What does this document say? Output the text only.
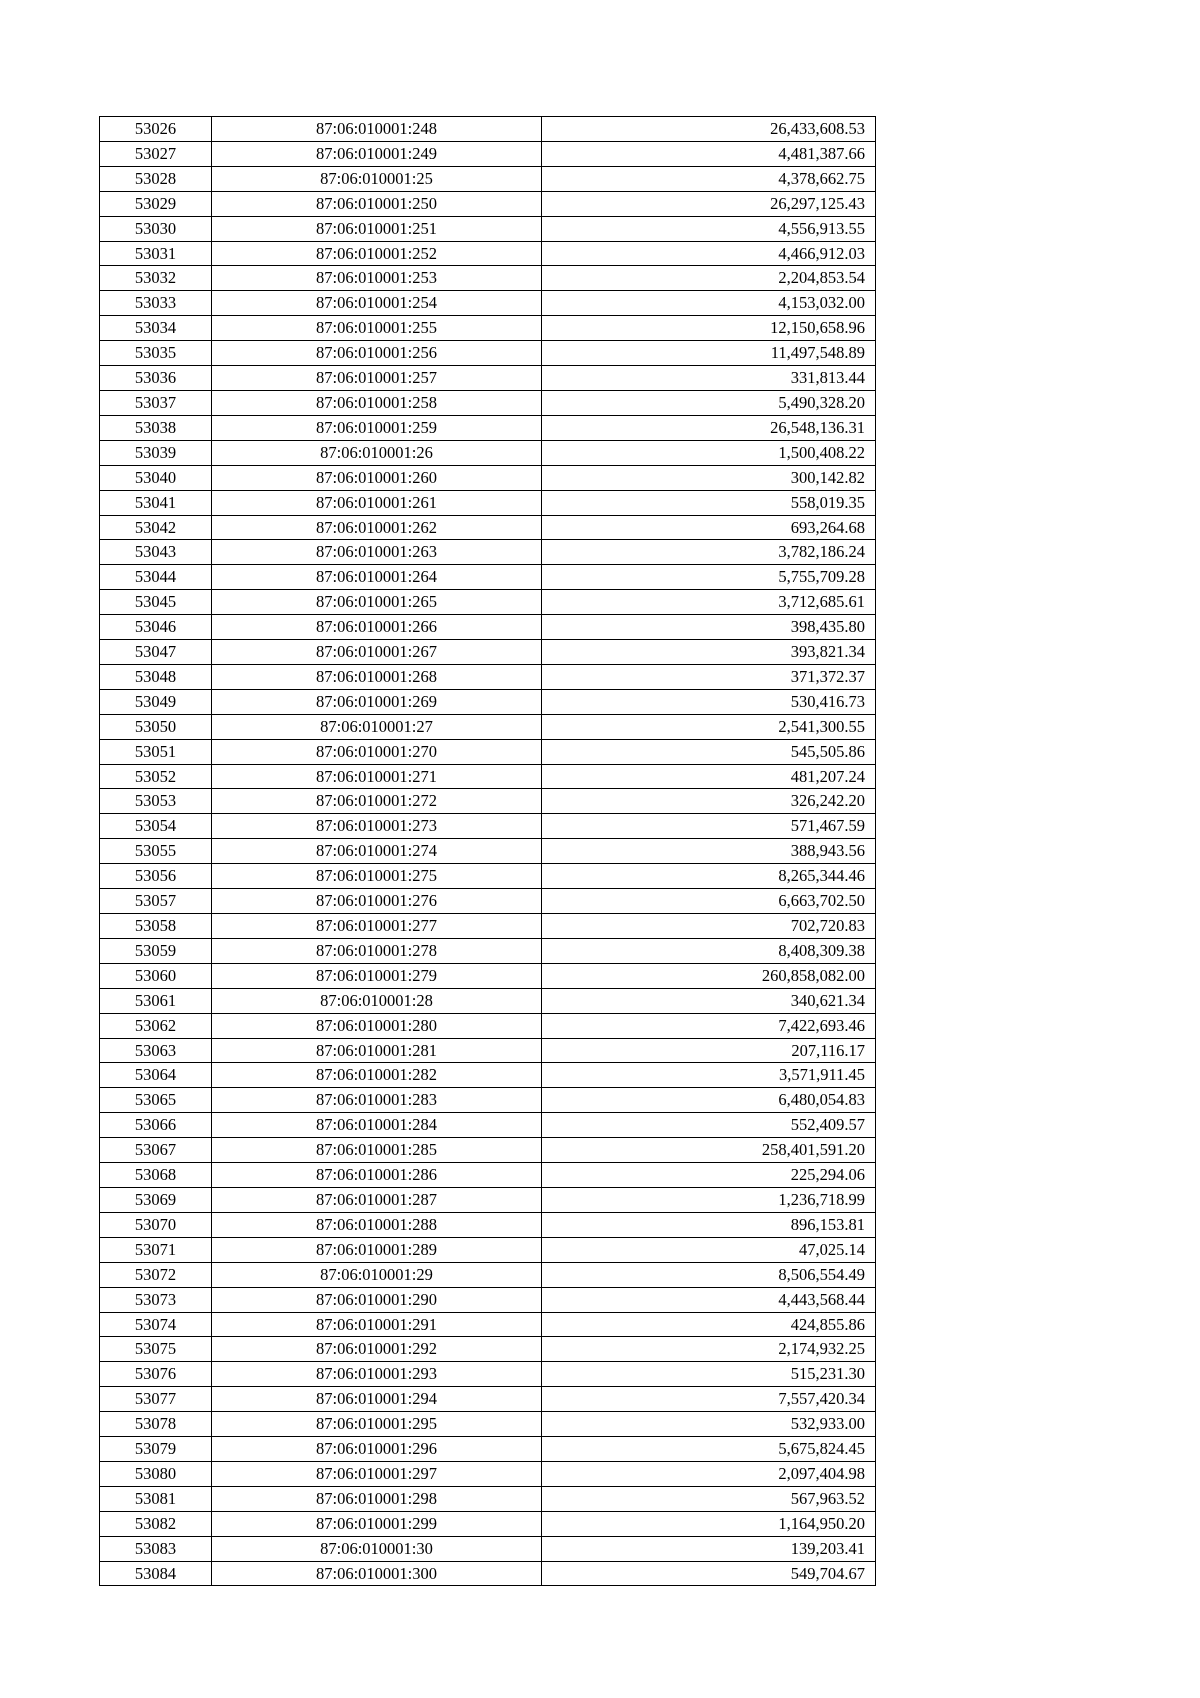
53026	87:06:010001:248	26,433,608.53
53027	87:06:010001:249	4,481,387.66
53028	87:06:010001:25	4,378,662.75
53029	87:06:010001:250	26,297,125.43
53030	87:06:010001:251	4,556,913.55
53031	87:06:010001:252	4,466,912.03
53032	87:06:010001:253	2,204,853.54
53033	87:06:010001:254	4,153,032.00
53034	87:06:010001:255	12,150,658.96
53035	87:06:010001:256	11,497,548.89
53036	87:06:010001:257	331,813.44
53037	87:06:010001:258	5,490,328.20
53038	87:06:010001:259	26,548,136.31
53039	87:06:010001:26	1,500,408.22
53040	87:06:010001:260	300,142.82
53041	87:06:010001:261	558,019.35
53042	87:06:010001:262	693,264.68
53043	87:06:010001:263	3,782,186.24
53044	87:06:010001:264	5,755,709.28
53045	87:06:010001:265	3,712,685.61
53046	87:06:010001:266	398,435.80
53047	87:06:010001:267	393,821.34
53048	87:06:010001:268	371,372.37
53049	87:06:010001:269	530,416.73
53050	87:06:010001:27	2,541,300.55
53051	87:06:010001:270	545,505.86
53052	87:06:010001:271	481,207.24
53053	87:06:010001:272	326,242.20
53054	87:06:010001:273	571,467.59
53055	87:06:010001:274	388,943.56
53056	87:06:010001:275	8,265,344.46
53057	87:06:010001:276	6,663,702.50
53058	87:06:010001:277	702,720.83
53059	87:06:010001:278	8,408,309.38
53060	87:06:010001:279	260,858,082.00
53061	87:06:010001:28	340,621.34
53062	87:06:010001:280	7,422,693.46
53063	87:06:010001:281	207,116.17
53064	87:06:010001:282	3,571,911.45
53065	87:06:010001:283	6,480,054.83
53066	87:06:010001:284	552,409.57
53067	87:06:010001:285	258,401,591.20
53068	87:06:010001:286	225,294.06
53069	87:06:010001:287	1,236,718.99
53070	87:06:010001:288	896,153.81
53071	87:06:010001:289	47,025.14
53072	87:06:010001:29	8,506,554.49
53073	87:06:010001:290	4,443,568.44
53074	87:06:010001:291	424,855.86
53075	87:06:010001:292	2,174,932.25
53076	87:06:010001:293	515,231.30
53077	87:06:010001:294	7,557,420.34
53078	87:06:010001:295	532,933.00
53079	87:06:010001:296	5,675,824.45
53080	87:06:010001:297	2,097,404.98
53081	87:06:010001:298	567,963.52
53082	87:06:010001:299	1,164,950.20
53083	87:06:010001:30	139,203.41
53084	87:06:010001:300	549,704.67
